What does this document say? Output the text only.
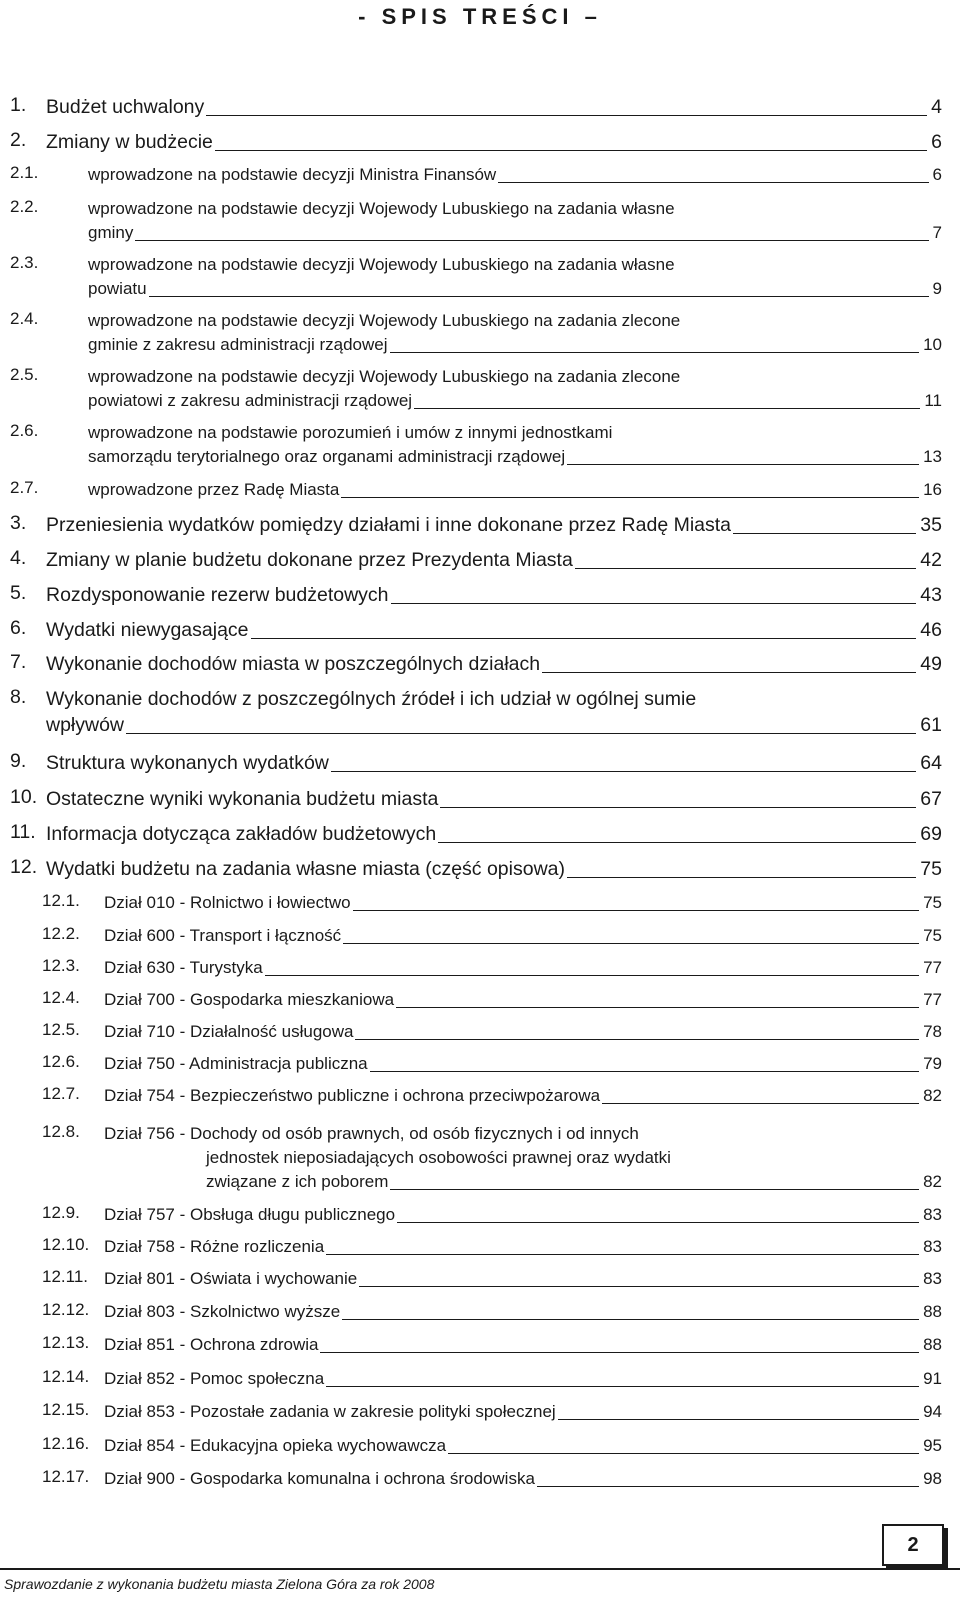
- SPIS TREŚCI –
1. Budżet uchwalony	4
2. Zmiany w budżecie	6
2.1.	wprowadzone na podstawie decyzji Ministra Finansów	6
2.2.	wprowadzone na podstawie decyzji Wojewody Lubuskiego na zadania własne
gminy	7
2.3.	wprowadzone na podstawie decyzji Wojewody Lubuskiego na zadania własne
powiatu	9
2.4.	wprowadzone na podstawie decyzji Wojewody Lubuskiego na zadania zlecone
gminie z zakresu administracji rządowej	10
2.5.	wprowadzone na podstawie decyzji Wojewody Lubuskiego na zadania zlecone
powiatowi z zakresu administracji rządowej	11
2.6.	wprowadzone na podstawie porozumień i umów z innymi jednostkami
samorządu terytorialnego oraz organami administracji rządowej	13
2.7.	wprowadzone przez Radę Miasta	16
3. Przeniesienia wydatków pomiędzy działami i inne dokonane przez Radę Miasta	35
4. Zmiany w planie budżetu dokonane przez Prezydenta Miasta	42
5. Rozdysponowanie rezerw budżetowych	43
6. Wydatki niewygasające	46
7. Wykonanie dochodów miasta w poszczególnych działach	49
8. Wykonanie dochodów z poszczególnych źródeł i ich udział w ogólnej sumie
wpływów	61
9. Struktura wykonanych wydatków	64
10. Ostateczne wyniki wykonania budżetu miasta	67
11. Informacja dotycząca zakładów budżetowych	69
12. Wydatki budżetu na zadania własne miasta (część opisowa)	75
12.1. Dział 010 - Rolnictwo i łowiectwo	75
12.2. Dział 600 - Transport i łączność	75
12.3. Dział 630 - Turystyka	77
12.4. Dział 700 - Gospodarka mieszkaniowa	77
12.5. Dział 710 - Działalność usługowa	78
12.6. Dział 750 - Administracja publiczna	79
12.7. Dział 754 - Bezpieczeństwo publiczne i ochrona przeciwpożarowa	82
12.8. Dział 756 - Dochody od osób prawnych, od osób fizycznych i od innych
jednostek nieposiadających osobowości prawnej oraz wydatki
związane z ich poborem	82
12.9. Dział 757 - Obsługa długu publicznego	83
12.10. Dział 758 - Różne rozliczenia	83
12.11. Dział 801 - Oświata i wychowanie	83
12.12. Dział 803 - Szkolnictwo wyższe	88
12.13. Dział 851 - Ochrona zdrowia	88
12.14. Dział 852 - Pomoc społeczna	91
12.15. Dział 853 - Pozostałe zadania w zakresie polityki społecznej	94
12.16. Dział 854 - Edukacyjna opieka wychowawcza	95
12.17. Dział 900 - Gospodarka komunalna i ochrona środowiska	98
Sprawozdanie z wykonania budżetu miasta Zielona Góra za rok 2008
2
